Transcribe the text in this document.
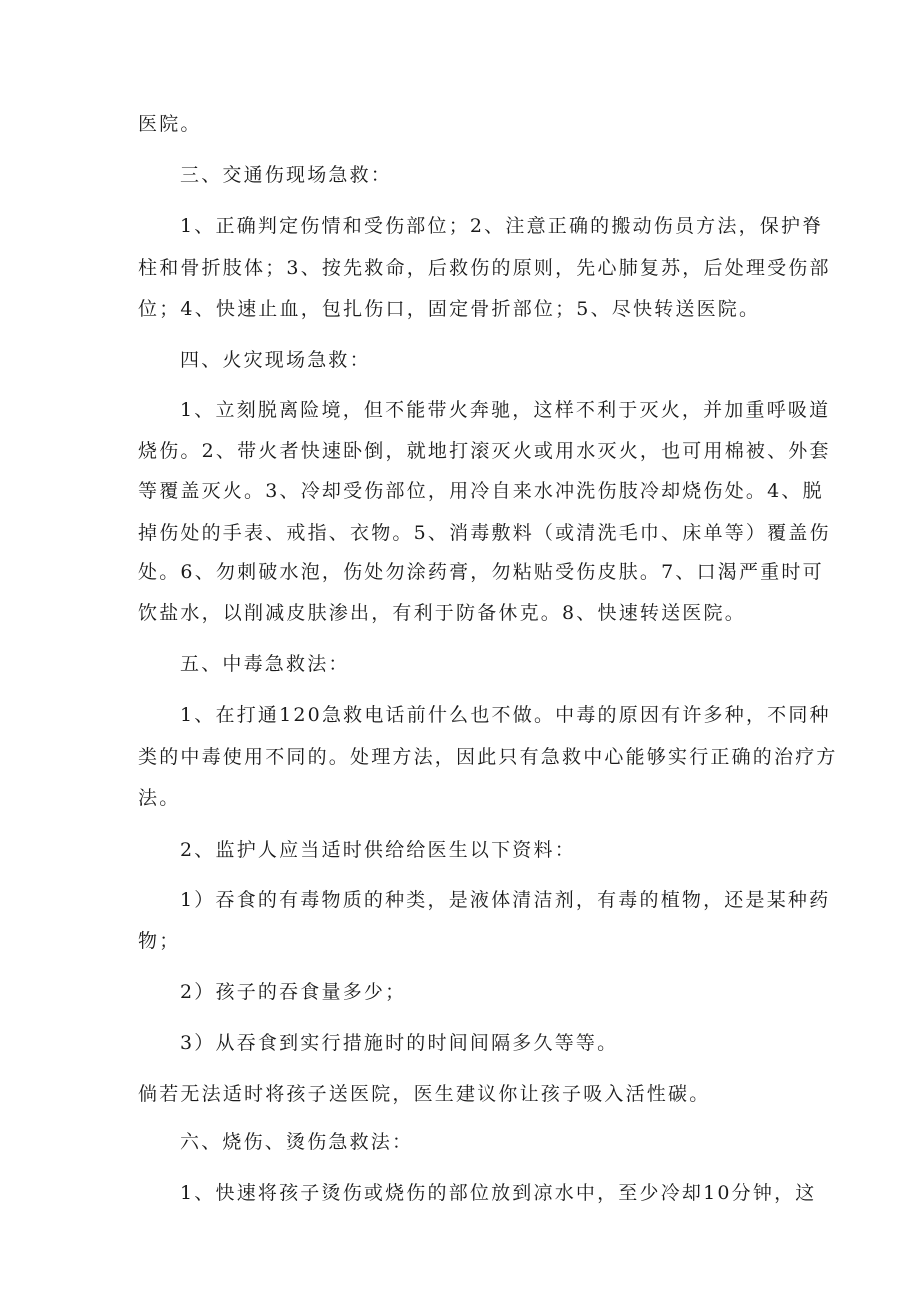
医院。
三、交通伤现场急救：
1、正确判定伤情和受伤部位；2、注意正确的搬动伤员方法，保护脊
柱和骨折肢体；3、按先救命，后救伤的原则，先心肺复苏，后处理受伤部
位；4、快速止血，包扎伤口，固定骨折部位；5、尽快转送医院。
四、火灾现场急救：
1、立刻脱离险境，但不能带火奔驰，这样不利于灭火，并加重呼吸道
烧伤。2、带火者快速卧倒，就地打滚灭火或用水灭火，也可用棉被、外套
等覆盖灭火。3、冷却受伤部位，用冷自来水冲洗伤肢冷却烧伤处。4、脱
掉伤处的手表、戒指、衣物。5、消毒敷料（或清洗毛巾、床单等）覆盖伤
处。6、勿刺破水泡，伤处勿涂药膏，勿粘贴受伤皮肤。7、口渴严重时可
饮盐水，以削减皮肤渗出，有利于防备休克。8、快速转送医院。
五、中毒急救法：
1、在打通120急救电话前什么也不做。中毒的原因有许多种，不同种
类的中毒使用不同的。处理方法，因此只有急救中心能够实行正确的治疗方
法。
2、监护人应当适时供给给医生以下资料：
1）吞食的有毒物质的种类，是液体清洁剂，有毒的植物，还是某种药
物；
2）孩子的吞食量多少；
3）从吞食到实行措施时的时间间隔多久等等。
倘若无法适时将孩子送医院，医生建议你让孩子吸入活性碳。
六、烧伤、烫伤急救法：
1、快速将孩子烫伤或烧伤的部位放到凉水中，至少冷却10分钟，这
